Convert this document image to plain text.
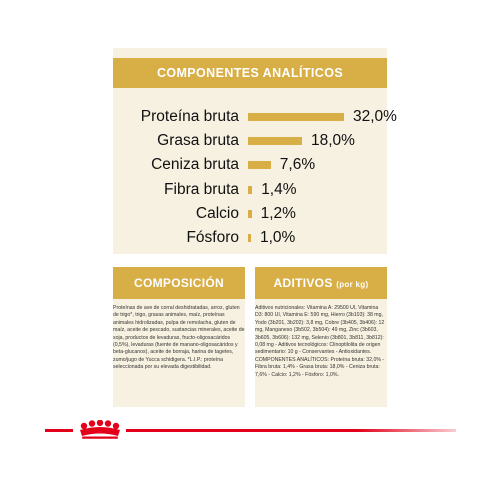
COMPONENTES ANALÍTICOS
Proteína bruta	32,0%
Grasa bruta	18,0%
Ceniza bruta	7,6%
Fibra bruta 1,4%
Calcio 1,2%
Fósforo 1,0%
COMPOSICIÓN
Proteínas de ave de corral deshidratadas, arroz, gluten de trigo*, trigo, grasas animales, maíz, proteínas animales hidrolizadas, pulpa de remolacha, gluten de maíz, aceite de pescado, sustancias minerales, aceite de soja, productos de levaduras, fructo-oligosacáridos (0,5%), levaduras (fuente de manano-oligosacáridos y beta-glucanos), aceite de borraja, harina de tagetes, zumo/jugo de Yucca schidigera. *L.I.P.: proteína seleccionada por su elevada digestibilidad.
ADITIVOS (por kg)
Aditivos nutricionales: Vitamina A: 29500 UI, Vitamina D3: 800 UI, Vitamina E: 590 mg, Hierro (3b103): 38 mg, Yodo (3b201, 3b202): 3,8 mg, Cobre (3b405, 3b406): 12 mg, Manganeso (3b502, 3b504): 49 mg, Zinc (3b603, 3b605, 3b606): 132 mg, Selenio (3b801, 3b811, 3b812): 0,08 mg - Aditivos tecnológicos: Clinoptilolita de origen sedimentario: 10 g - Conservantes - Antioxidantes. COMPONENTES ANALÍTICOS: Proteína bruta: 32,0% - Fibra bruta: 1,4% - Grasa bruta: 18,0% - Ceniza bruta: 7,6% - Calcio: 1,2% - Fósforo: 1,0%.
